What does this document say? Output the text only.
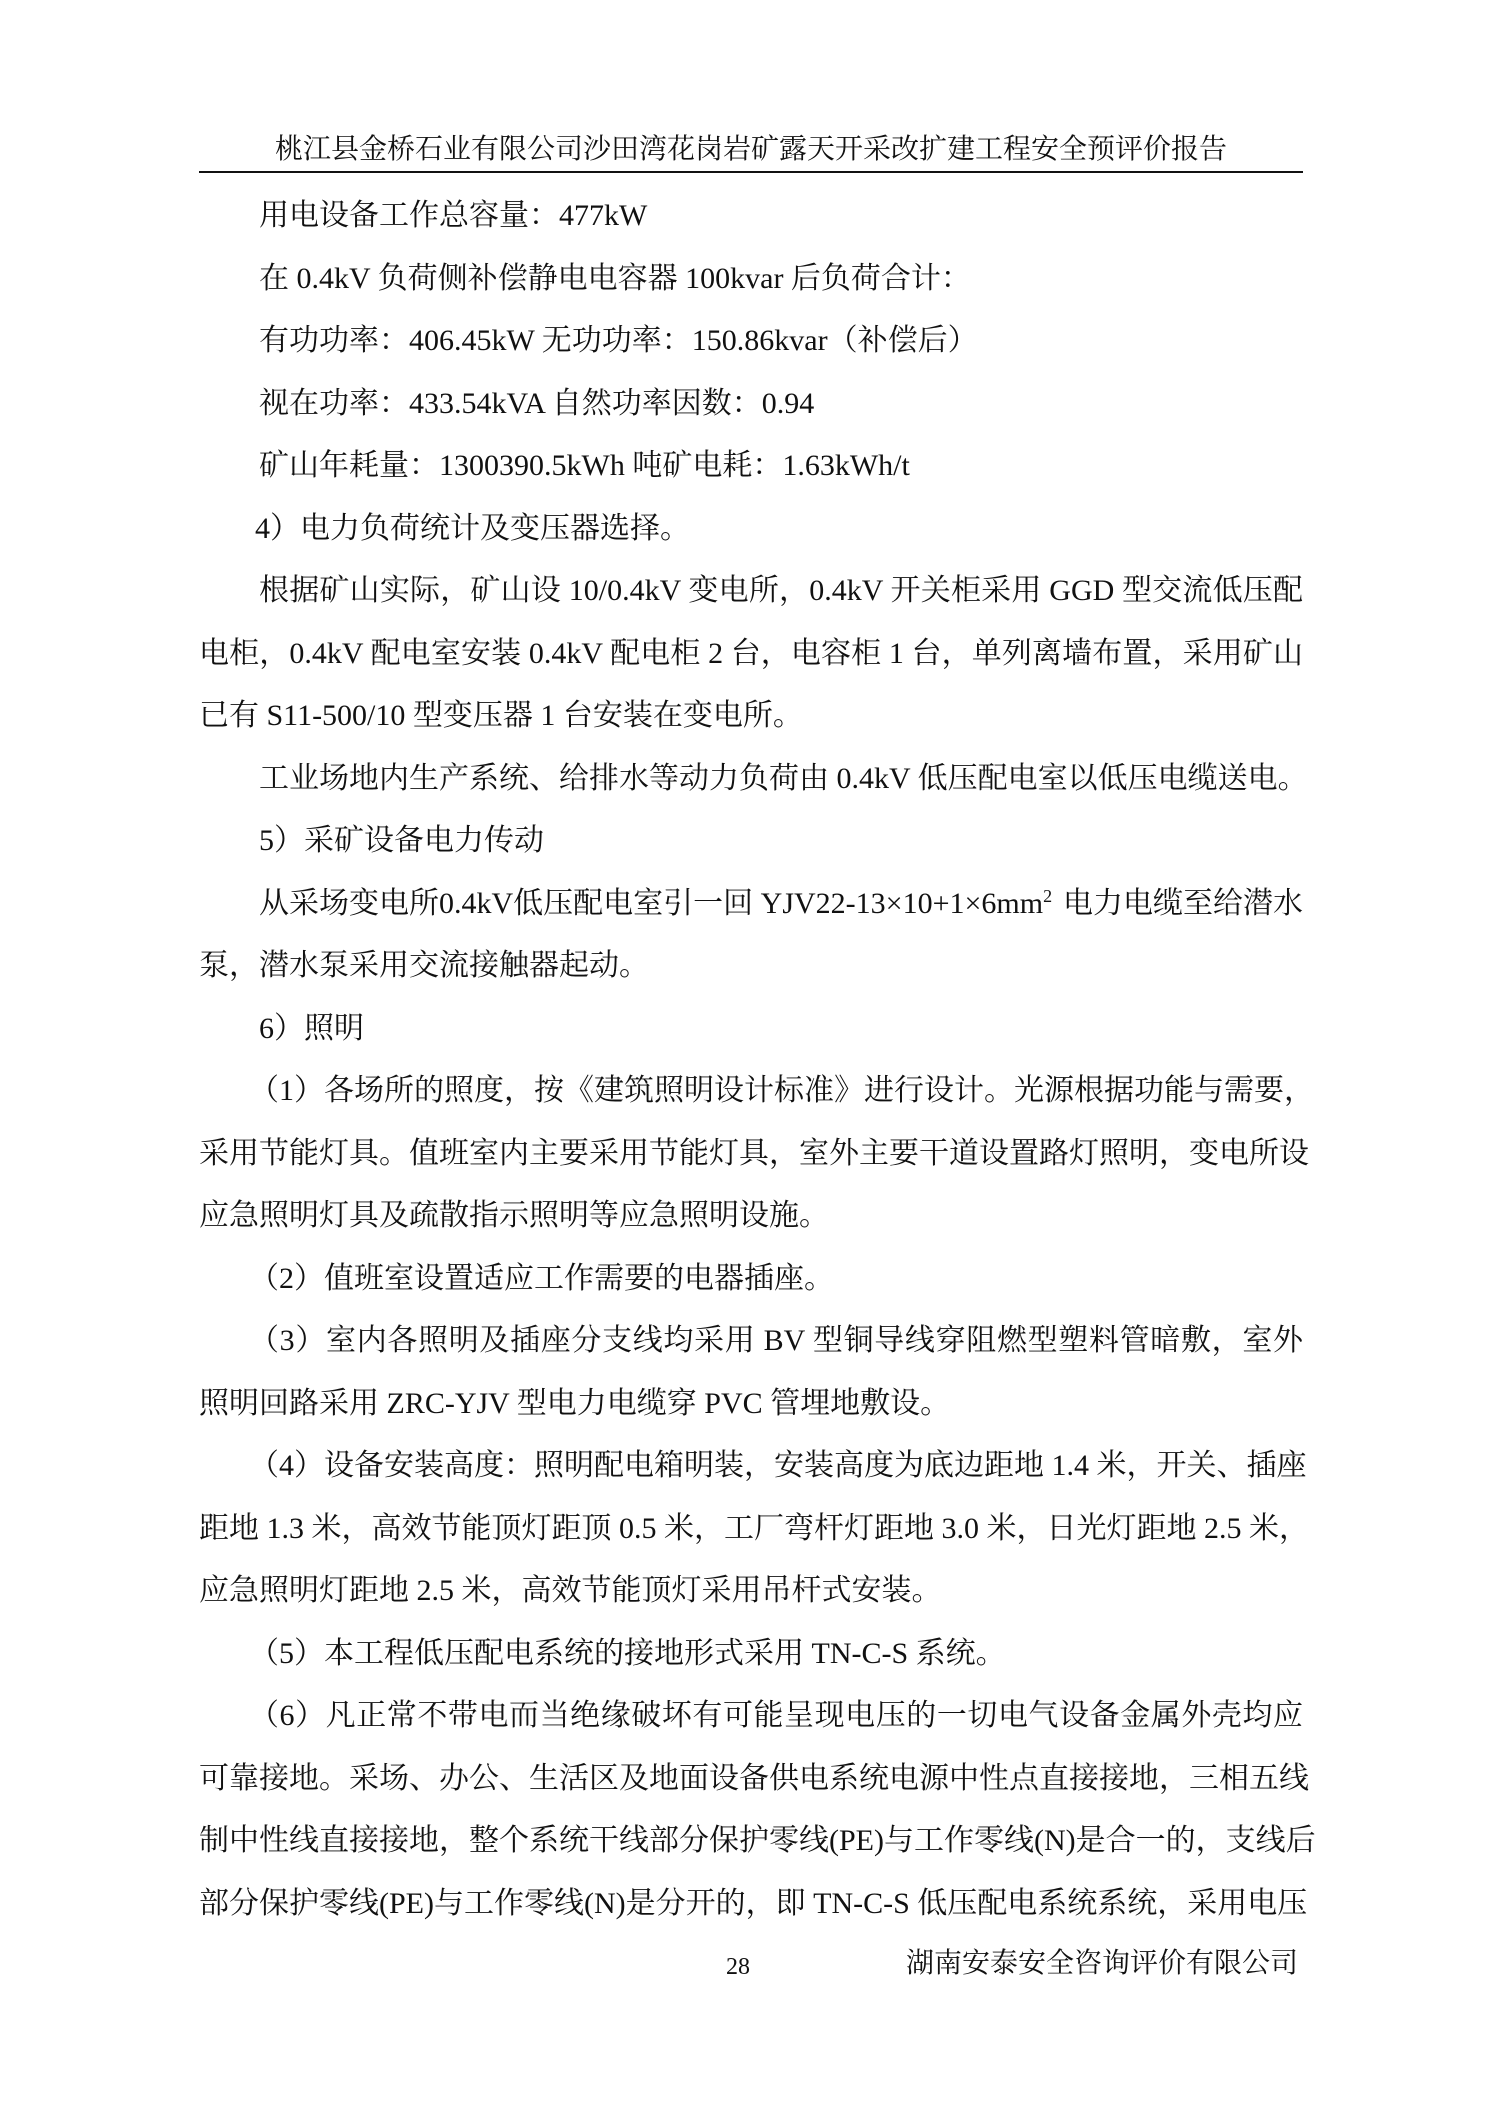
桃江县金桥石业有限公司沙田湾花岗岩矿露天开采改扩建工程安全预评价报告
用电设备工作总容量：477kW
在 0.4kV 负荷侧补偿静电电容器 100kvar 后负荷合计：
有功功率：406.45kW 无功功率：150.86kvar（补偿后）
视在功率：433.54kVA 自然功率因数：0.94
矿山年耗量：1300390.5kWh 吨矿电耗：1.63kWh/t
4）电力负荷统计及变压器选择。
根据矿山实际，矿山设 10/0.4kV 变电所，0.4kV 开关柜采用 GGD 型交流低压配
电柜，0.4kV 配电室安装 0.4kV 配电柜 2 台，电容柜 1 台，单列离墙布置，采用矿山
已有 S11-500/10 型变压器 1 台安装在变电所。
工业场地内生产系统、给排水等动力负荷由 0.4kV 低压配电室以低压电缆送电。
5）采矿设备电力传动
从采场变电所0.4kV低压配电室引一回 $YJV22-13\times 10+1\times 6mm^2$ 电力电缆至给潜水
泵，潜水泵采用交流接触器起动。
6）照明
（1）各场所的照度，按《建筑照明设计标准》进行设计。光源根据功能与需要，
采用节能灯具。值班室内主要采用节能灯具，室外主要干道设置路灯照明，变电所设
应急照明灯具及疏散指示照明等应急照明设施。
（2）值班室设置适应工作需要的电器插座。
（3）室内各照明及插座分支线均采用 BV 型铜导线穿阻燃型塑料管暗敷，室外
照明回路采用 ZRC-YJV 型电力电缆穿 PVC 管埋地敷设。
（4）设备安装高度：照明配电箱明装，安装高度为底边距地 1.4 米，开关、插座
距地 1.3 米，高效节能顶灯距顶 0.5 米，工厂弯杆灯距地 3.0 米，日光灯距地 2.5 米，
应急照明灯距地 2.5 米，高效节能顶灯采用吊杆式安装。
（5）本工程低压配电系统的接地形式采用 TN-C-S 系统。
（6）凡正常不带电而当绝缘破坏有可能呈现电压的一切电气设备金属外壳均应
可靠接地。采场、办公、生活区及地面设备供电系统电源中性点直接接地，三相五线
制中性线直接接地，整个系统干线部分保护零线(PE)与工作零线(N)是合一的，支线后
部分保护零线(PE)与工作零线(N)是分开的，即 TN-C-S 低压配电系统系统，采用电压
28	湖南安泰安全咨询评价有限公司
